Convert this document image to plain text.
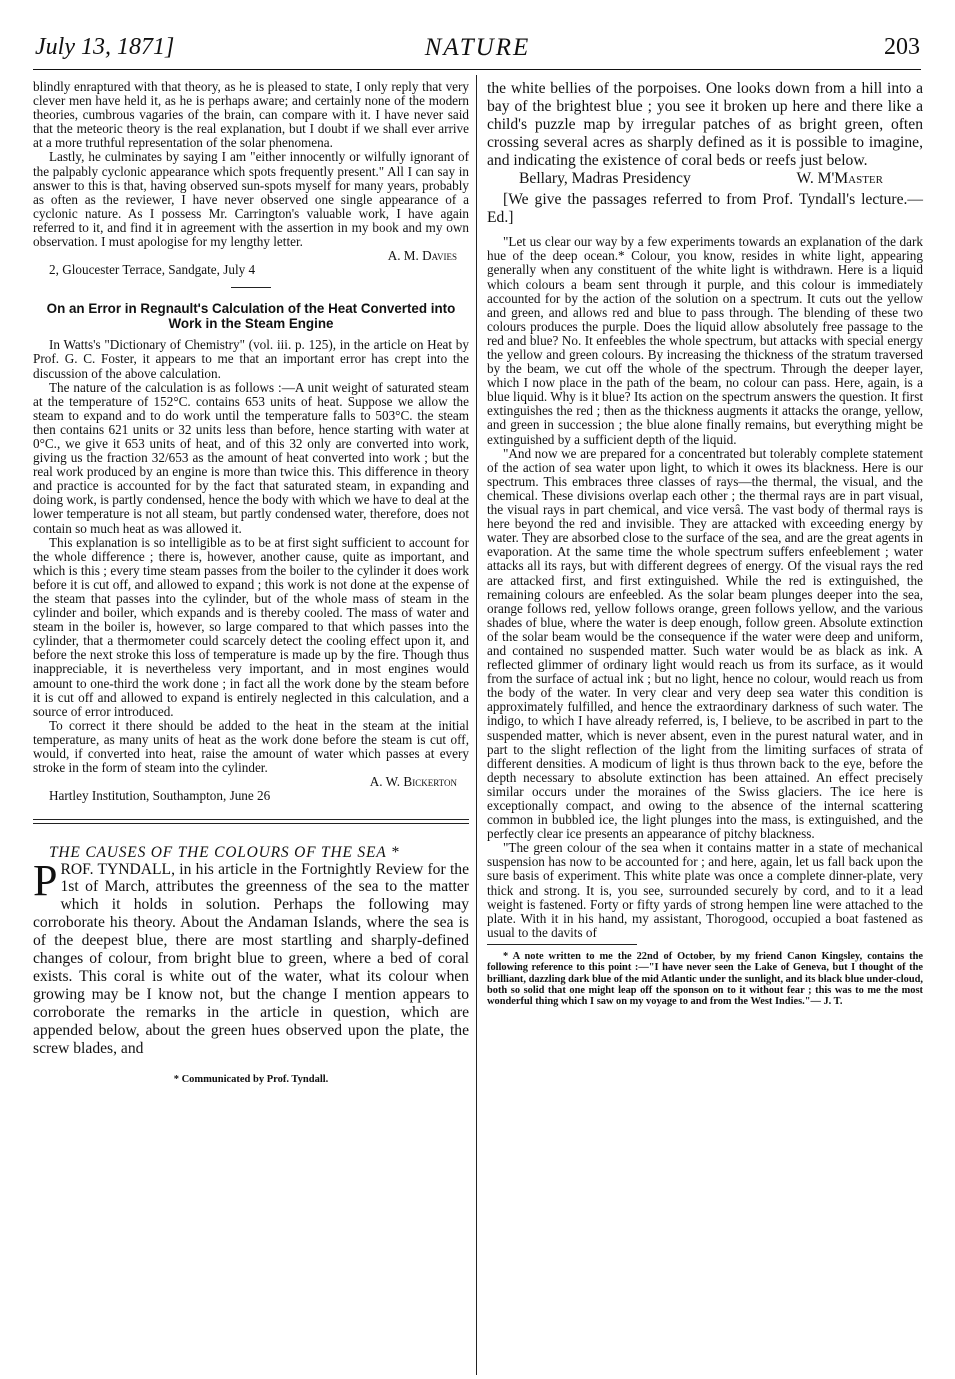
July 13, 1871]	NATURE	203

blindly enraptured with that theory, as he is pleased to state, I only reply that very clever men have held it, as he is perhaps aware; and certainly none of the modern theories, cumbrous vagaries of the brain, can compare with it. I have never said that the meteoric theory is the real explanation, but I doubt if we shall ever arrive at a more truthful representation of the solar phenomena.

Lastly, he culminates by saying I am "either innocently or wilfully ignorant of the palpably cyclonic appearance which spots frequently present." All I can say in answer to this is that, having observed sun-spots myself for many years, probably as often as the reviewer, I have never observed one single appearance of a cyclonic nature. As I possess Mr. Carrington's valuable work, I have again referred to it, and find it in agreement with the assertion in my book and my own observation. I must apologise for my lengthy letter.

A. M. Davies

2, Gloucester Terrace, Sandgate, July 4

On an Error in Regnault's Calculation of the Heat Converted into Work in the Steam Engine

In Watts's "Dictionary of Chemistry" (vol. iii. p. 125), in the article on Heat by Prof. G. C. Foster, it appears to me that an important error has crept into the discussion of the above calculation.

The nature of the calculation is as follows :—A unit weight of saturated steam at the temperature of 152°C. contains 653 units of heat. Suppose we allow the steam to expand and to do work until the temperature falls to 503°C. the steam then contains 621 units or 32 units less than before, hence starting with water at 0°C., we give it 653 units of heat, and of this 32 only are converted into work, giving us the fraction 32/653 as the amount of heat converted into work ; but the real work produced by an engine is more than twice this. This difference in theory and practice is accounted for by the fact that saturated steam, in expanding and doing work, is partly condensed, hence the body with which we have to deal at the lower temperature is not all steam, but partly condensed water, therefore, does not contain so much heat as was allowed it.

This explanation is so intelligible as to be at first sight sufficient to account for the whole difference ; there is, however, another cause, quite as important, and which is this ; every time steam passes from the boiler to the cylinder it does work before it is cut off, and allowed to expand ; this work is not done at the expense of the steam that passes into the cylinder, but of the whole mass of steam in the cylinder and boiler, which expands and is thereby cooled. The mass of water and steam in the boiler is, however, so large compared to that which passes into the cylinder, that a thermometer could scarcely detect the cooling effect upon it, and before the next stroke this loss of temperature is made up by the fire. Though thus inappreciable, it is nevertheless very important, and in most engines would amount to one-third the work done ; in fact all the work done by the steam before it is cut off and allowed to expand is entirely neglected in this calculation, and a source of error introduced.

To correct it there should be added to the heat in the steam at the initial temperature, as many units of heat as the work done before the steam is cut off, would, if converted into heat, raise the amount of water which passes at every stroke in the form of steam into the cylinder.

A. W. Bickerton

Hartley Institution, Southampton, June 26

THE CAUSES OF THE COLOURS OF THE SEA *

PROF. TYNDALL, in his article in the Fortnightly Review for the 1st of March, attributes the greenness of the sea to the matter which it holds in solution. Perhaps the following may corroborate his theory. About the Andaman Islands, where the sea is of the deepest blue, there are most startling and sharply-defined changes of colour, from bright blue to green, where a bed of coral exists. This coral is white out of the water, what its colour when growing may be I know not, but the change I mention appears to corroborate the remarks in the article in question, which are appended below, about the green hues observed upon the plate, the screw blades, and

* Communicated by Prof. Tyndall.

the white bellies of the porpoises. One looks down from a hill into a bay of the brightest blue ; you see it broken up here and there like a child's puzzle map by irregular patches of as bright green, often crossing several acres as sharply defined as it is possible to imagine, and indicating the existence of coral beds or reefs just below.

Bellary, Madras Presidency	W. M'Master

[We give the passages referred to from Prof. Tyndall's lecture.—Ed.]

"Let us clear our way by a few experiments towards an explanation of the dark hue of the deep ocean.* Colour, you know, resides in white light, appearing generally when any constituent of the white light is withdrawn. Here is a liquid which colours a beam sent through it purple, and this colour is immediately accounted for by the action of the solution on a spectrum. It cuts out the yellow and green, and allows red and blue to pass through. The blending of these two colours produces the purple. Does the liquid allow absolutely free passage to the red and blue? No. It enfeebles the whole spectrum, but attacks with special energy the yellow and green colours. By increasing the thickness of the stratum traversed by the beam, we cut off the whole of the spectrum. Through the deeper layer, which I now place in the path of the beam, no colour can pass. Here, again, is a blue liquid. Why is it blue? Its action on the spectrum answers the question. It first extinguishes the red ; then as the thickness augments it attacks the orange, yellow, and green in succession ; the blue alone finally remains, but everything might be extinguished by a sufficient depth of the liquid.

"And now we are prepared for a concentrated but tolerably complete statement of the action of sea water upon light, to which it owes its blackness. Here is our spectrum. This embraces three classes of rays—the thermal, the visual, and the chemical. These divisions overlap each other ; the thermal rays are in part visual, the visual rays in part chemical, and vice versâ. The vast body of thermal rays is here beyond the red and invisible. They are attacked with exceeding energy by water. They are absorbed close to the surface of the sea, and are the great agents in evaporation. At the same time the whole spectrum suffers enfeeblement ; water attacks all its rays, but with different degrees of energy. Of the visual rays the red are attacked first, and first extinguished. While the red is extinguished, the remaining colours are enfeebled. As the solar beam plunges deeper into the sea, orange follows red, yellow follows orange, green follows yellow, and the various shades of blue, where the water is deep enough, follow green. Absolute extinction of the solar beam would be the consequence if the water were deep and uniform, and contained no suspended matter. Such water would be as black as ink. A reflected glimmer of ordinary light would reach us from its surface, as it would from the surface of actual ink ; but no light, hence no colour, would reach us from the body of the water. In very clear and very deep sea water this condition is approximately fulfilled, and hence the extraordinary darkness of such water. The indigo, to which I have already referred, is, I believe, to be ascribed in part to the suspended matter, which is never absent, even in the purest natural water, and in part to the slight reflection of the light from the limiting surfaces of strata of different densities. A modicum of light is thus thrown back to the eye, before the depth necessary to absolute extinction has been attained. An effect precisely similar occurs under the moraines of the Swiss glaciers. The ice here is exceptionally compact, and owing to the absence of the internal scattering common in bubbled ice, the light plunges into the mass, is extinguished, and the perfectly clear ice presents an appearance of pitchy blackness.

"The green colour of the sea when it contains matter in a state of mechanical suspension has now to be accounted for ; and here, again, let us fall back upon the sure basis of experiment. This white plate was once a complete dinner-plate, very thick and strong. It is, you see, surrounded securely by cord, and to it a lead weight is fastened. Forty or fifty yards of strong hempen line were attached to the plate. With it in his hand, my assistant, Thorogood, occupied a boat fastened as usual to the davits of

* A note written to me the 22nd of October, by my friend Canon Kingsley, contains the following reference to this point :—"I have never seen the Lake of Geneva, but I thought of the brilliant, dazzling dark blue of the mid Atlantic under the sunlight, and its black blue under-cloud, both so solid that one might leap off the sponson on to it without fear ; this was to me the most wonderful thing which I saw on my voyage to and from the West Indies."— J. T.
